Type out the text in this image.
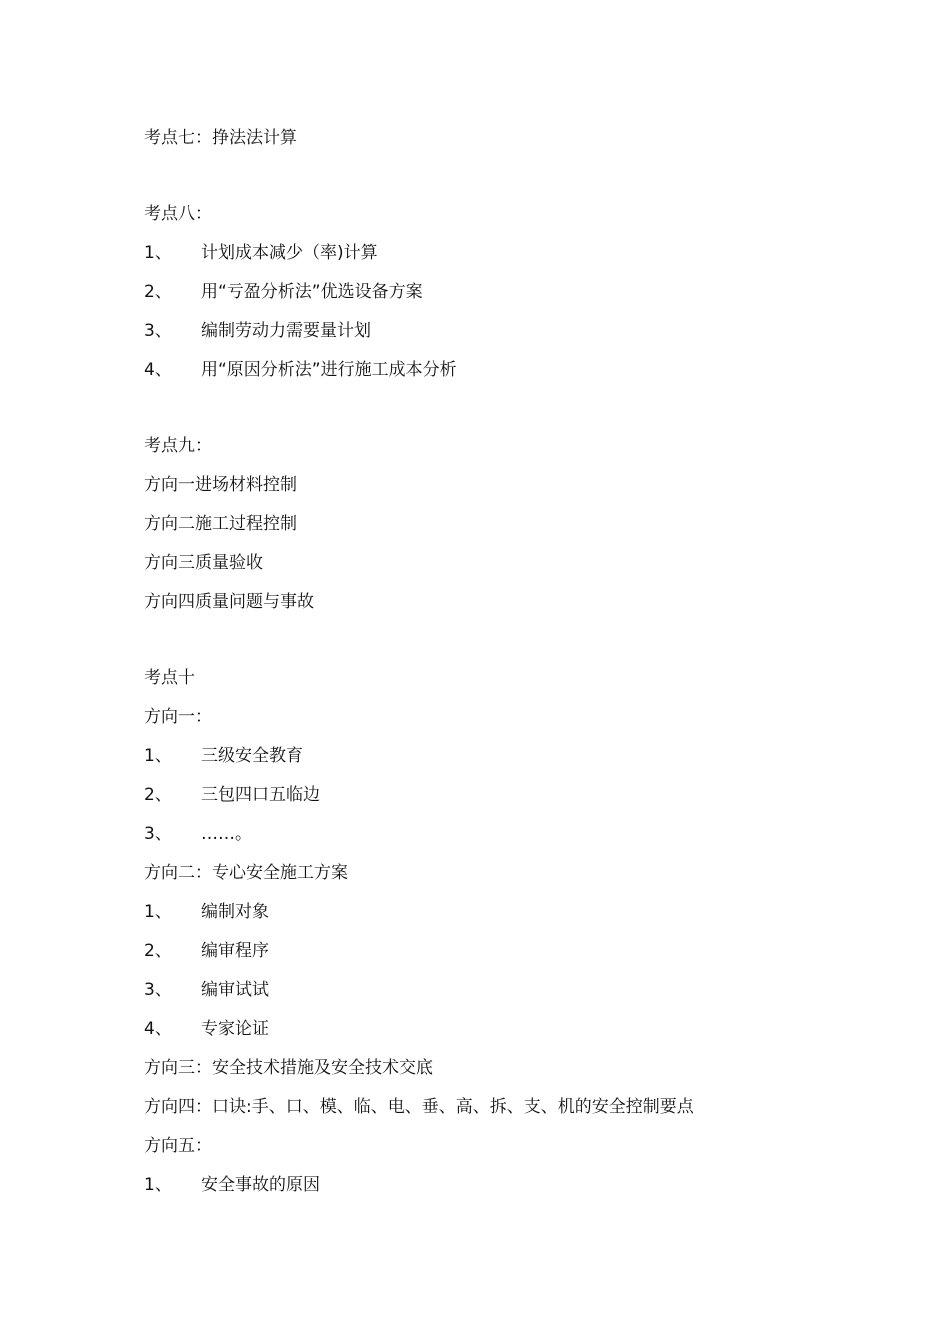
考点七：挣法法计算
考点八：
1、 计划成本减少（率)计算
2、 用“亏盈分析法”优选设备方案
3、 编制劳动力需要量计划
4、 用“原因分析法”进行施工成本分析
考点九：
方向一进场材料控制
方向二施工过程控制
方向三质量验收
方向四质量问题与事故
考点十
方向一：
1、 三级安全教育
2、 三包四口五临边
3、 ……。
方向二：专心安全施工方案
1、 编制对象
2、 编审程序
3、 编审试试
4、 专家论证
方向三：安全技术措施及安全技术交底
方向四：口诀:手、口、模、临、电、垂、高、拆、支、机的安全控制要点
方向五：
1、 安全事故的原因
